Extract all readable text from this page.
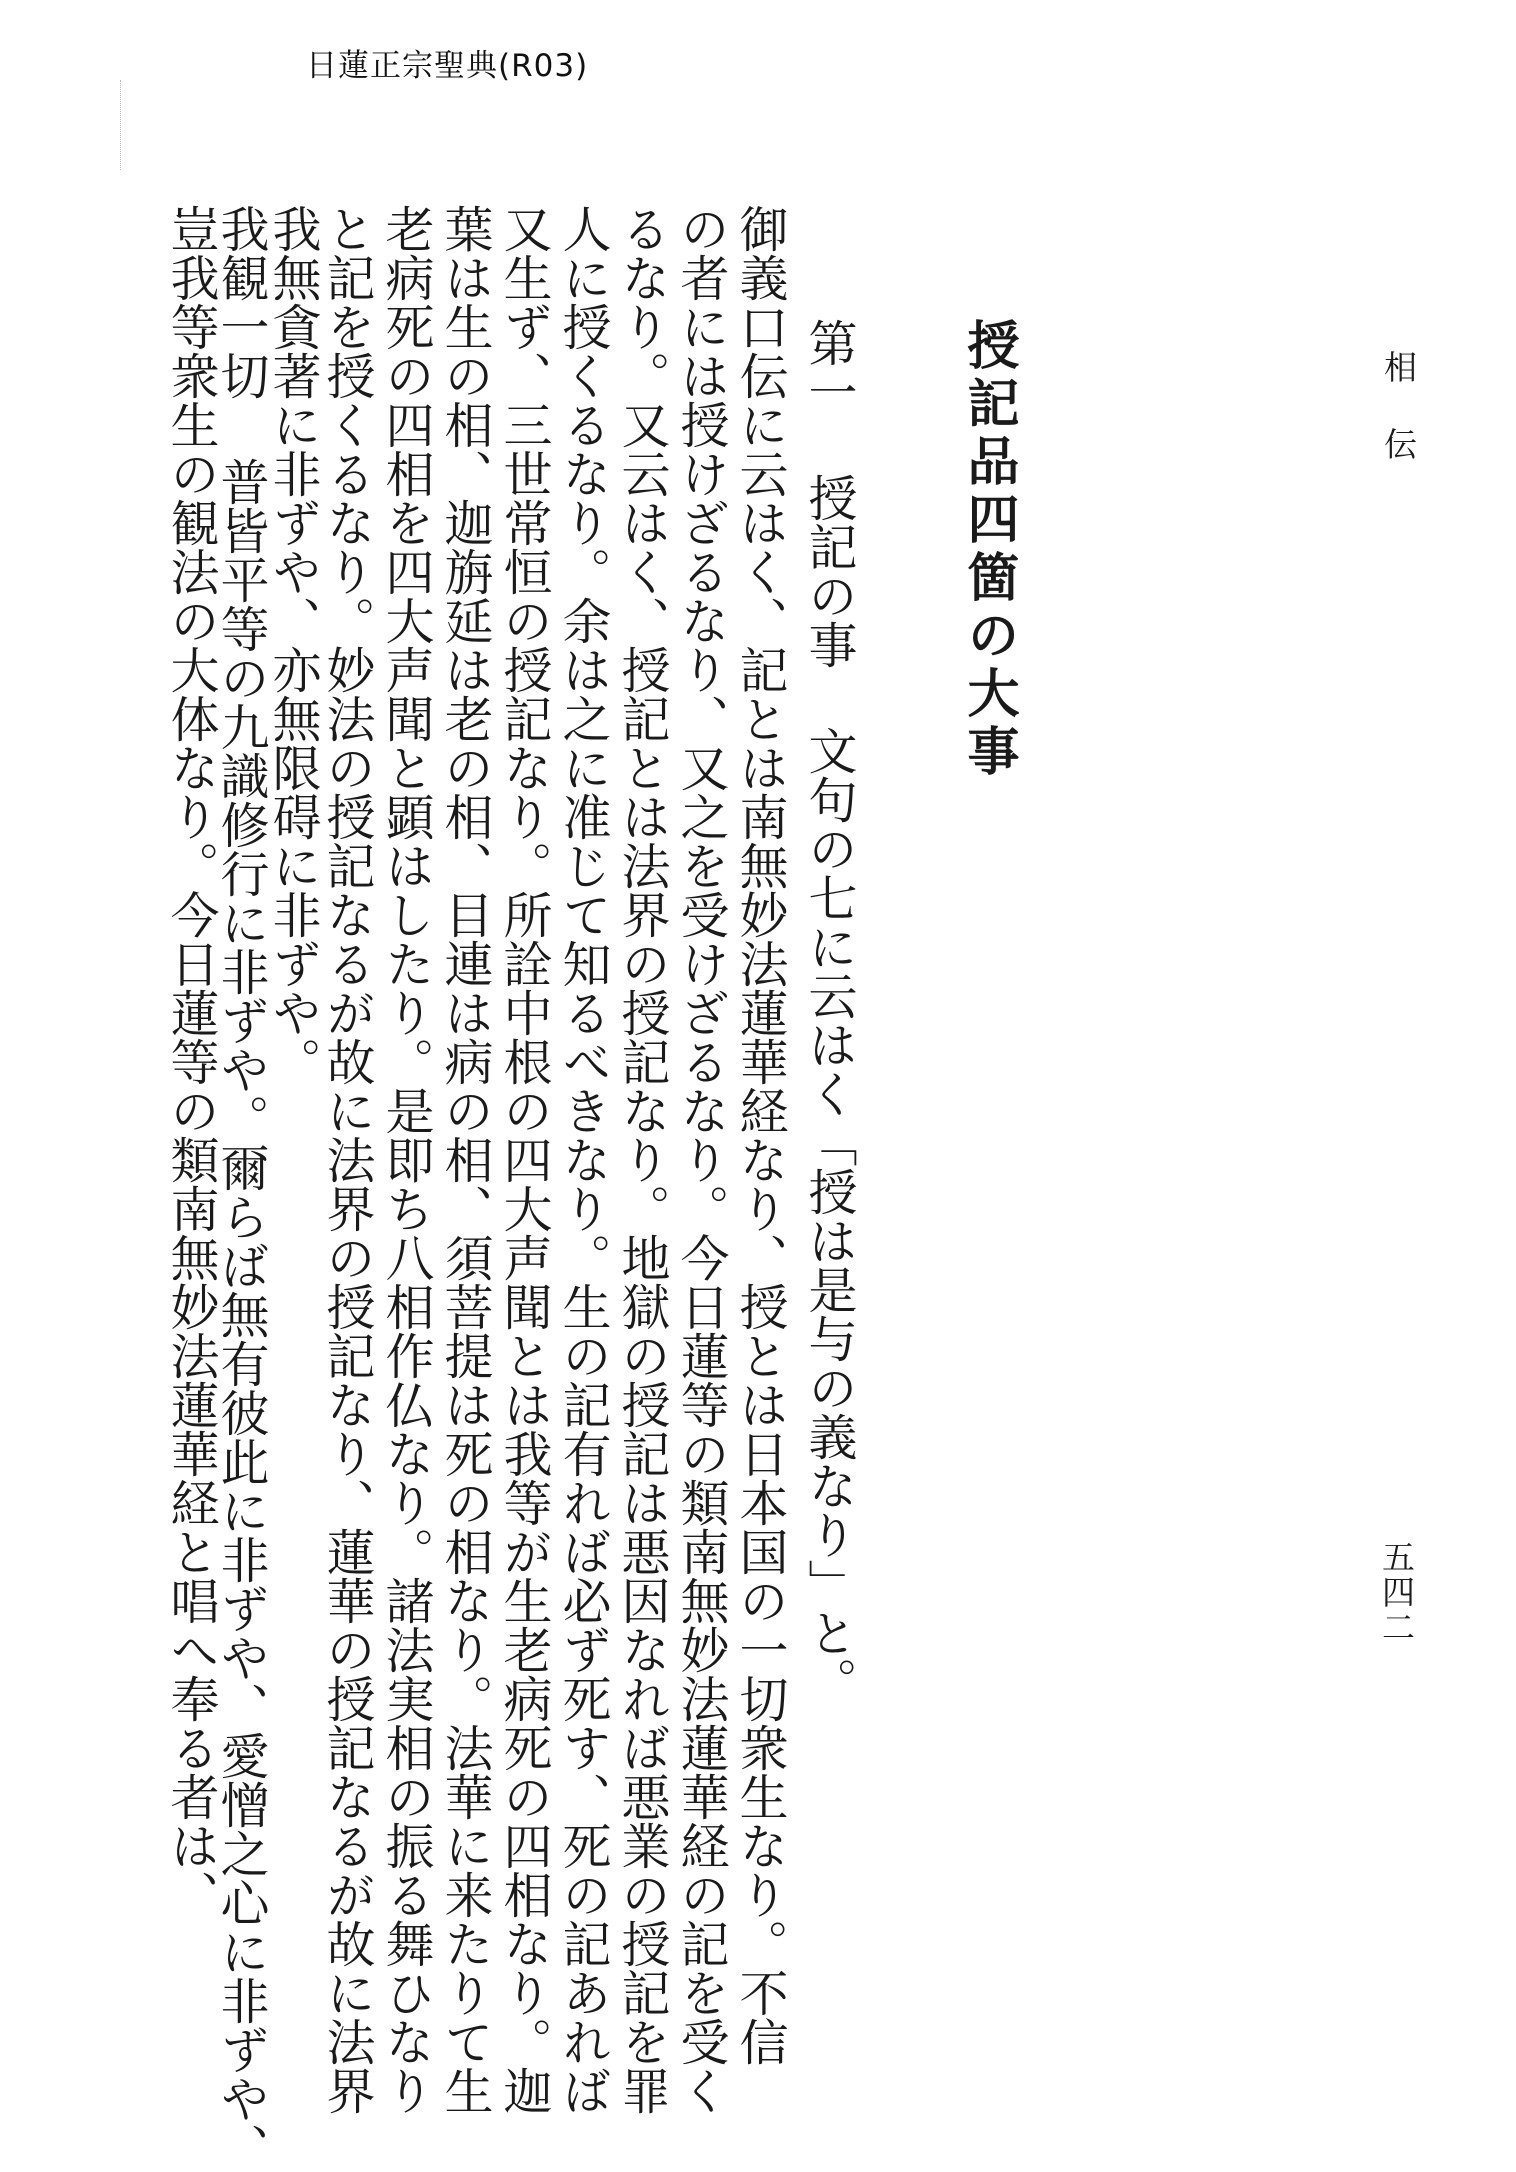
日蓮正宗聖典(R03)
相伝
五四二
豈我等衆生の観法の大体なり。今日蓮等の類南無妙法蓮華経と唱へ奉る者は、
我観一切 普皆平等の九識修行に非ずや。爾らば無有彼此に非ずや、愛憎之心に非ずや、
我無貪著に非ずや、亦無限碍に非ずや。	授記品四箇の大事
第一 授記の事 文句の七に云はく「授は是与の義なり」と。
御義口伝に云はく、記とは南無妙法蓮華経なり、授とは日本国の一切衆生なり。不信
の者には授けざるなり、又之を受けざるなり。今日蓮等の類南無妙法蓮華経の記を受く
るなり。又云はく、授記とは法界の授記なり。地獄の授記は悪因なれば悪業の授記を罪
人に授くるなり。余は之に准じて知るべきなり。生の記有れば必ず死す、死の記あれば
又生ず、三世常恒の授記なり。所詮中根の四大声聞とは我等が生老病死の四相なり。迦
葉は生の相、迦旃延は老の相、目連は病の相、須菩提は死の相なり。法華に来たりて生
老病死の四相を四大声聞と顕はしたり。是即ち八相作仏なり。諸法実相の振る舞ひなり
と記を授くるなり。妙法の授記なるが故に法界の授記なり、蓮華の授記なるが故に法界
